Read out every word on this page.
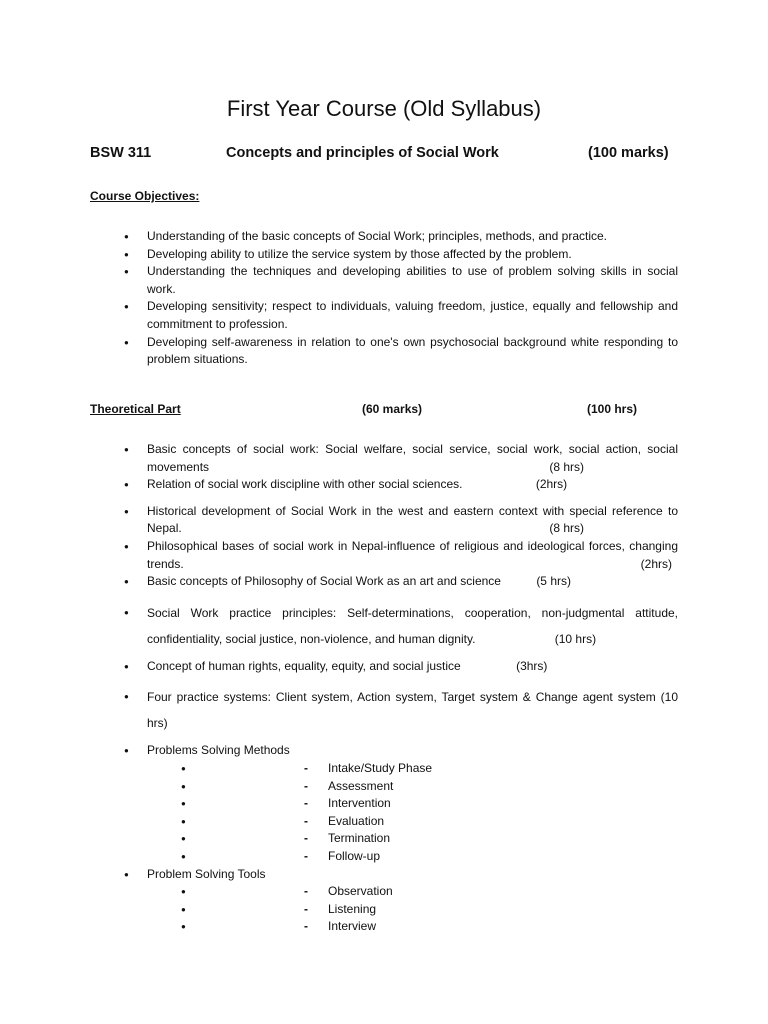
First Year Course (Old Syllabus)
BSW 311	Concepts and principles of Social Work	(100 marks)
Course Objectives:
● Understanding of the basic concepts of Social Work; principles, methods, and practice.
● Developing ability to utilize the service system by those affected by the problem.
● Understanding the techniques and developing abilities to use of problem solving skills in social work.
● Developing sensitivity; respect to individuals, valuing freedom, justice, equally and fellowship and commitment to profession.
● Developing self-awareness in relation to one's own psychosocial background white responding to problem situations.
Theoretical Part	(60 marks)	(100 hrs)
● Basic concepts of social work: Social welfare, social service, social work, social action, social movements	(8 hrs)
● Relation of social work discipline with other social sciences.	(2hrs)
● Historical development of Social Work in the west and eastern context with special reference to Nepal.	(8 hrs)
● Philosophical bases of social work in Nepal-influence of religious and ideological forces, changing trends.	(2hrs)
● Basic concepts of Philosophy of Social Work as an art and science	(5 hrs)
● Social Work practice principles: Self-determinations, cooperation, non-judgmental attitude, confidentiality, social justice, non-violence, and human dignity.	(10 hrs)
● Concept of human rights, equality, equity, and social justice	(3hrs)
● Four practice systems: Client system, Action system, Target system & Change agent system (10 hrs)
● Problems Solving Methods
● - Intake/Study Phase
● - Assessment
● - Intervention
● - Evaluation
● - Termination
● - Follow-up
● Problem Solving Tools
● - Observation
● - Listening
● - Interview
